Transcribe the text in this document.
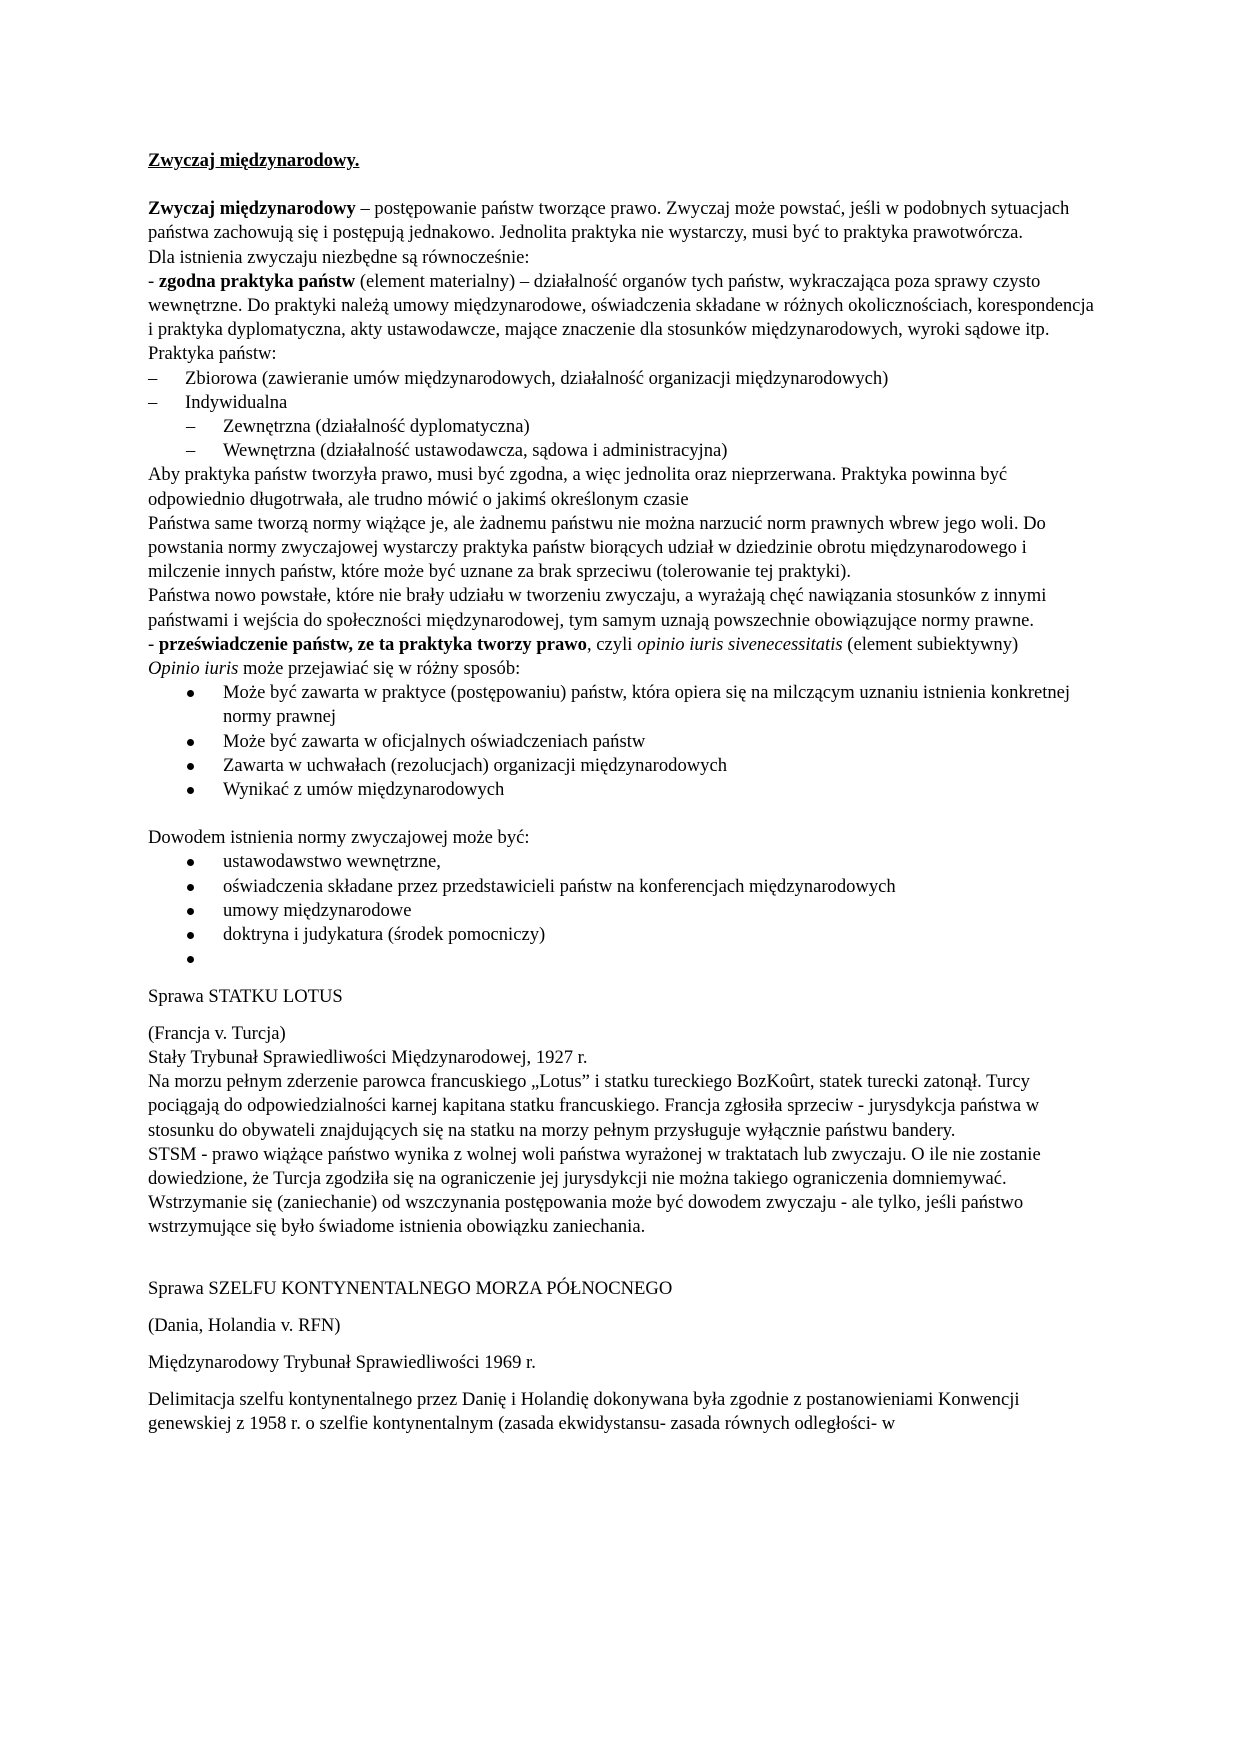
Zwyczaj międzynarodowy.

Zwyczaj międzynarodowy – postępowanie państw tworzące prawo. Zwyczaj może powstać, jeśli w podobnych sytuacjach państwa zachowują się i postępują jednakowo. Jednolita praktyka nie wystarczy, musi być to praktyka prawotwórcza.

Dla istnienia zwyczaju niezbędne są równocześnie:

- zgodna praktyka państw (element materialny) – działalność organów tych państw, wykraczająca poza sprawy czysto wewnętrzne. Do praktyki należą umowy międzynarodowe, oświadczenia składane w różnych okolicznościach, korespondencja i praktyka dyplomatyczna, akty ustawodawcze, mające znaczenie dla stosunków międzynarodowych, wyroki sądowe itp.

Praktyka państw:

– Zbiorowa (zawieranie umów międzynarodowych, działalność organizacji międzynarodowych)
– Indywidualna
– Zewnętrzna (działalność dyplomatyczna)
– Wewnętrzna (działalność ustawodawcza, sądowa i administracyjna)

Aby praktyka państw tworzyła prawo, musi być zgodna, a więc jednolita oraz nieprzerwana. Praktyka powinna być odpowiednio długotrwała, ale trudno mówić o jakimś określonym czasie

Państwa same tworzą normy wiążące je, ale żadnemu państwu nie można narzucić norm prawnych wbrew jego woli. Do powstania normy zwyczajowej wystarczy praktyka państw biorących udział w dziedzinie obrotu międzynarodowego i milczenie innych państw, które może być uznane za brak sprzeciwu (tolerowanie tej praktyki).

Państwa nowo powstałe, które nie brały udziału w tworzeniu zwyczaju, a wyrażają chęć nawiązania stosunków z innymi państwami i wejścia do społeczności międzynarodowej, tym samym uznają powszechnie obowiązujące normy prawne.

- przeświadczenie państw, ze ta praktyka tworzy prawo, czyli opinio iuris sivenecessitatis (element subiektywny)

Opinio iuris może przejawiać się w różny sposób:

Może być zawarta w praktyce (postępowaniu) państw, która opiera się na milczącym uznaniu istnienia konkretnej normy prawnej
Może być zawarta w oficjalnych oświadczeniach państw
Zawarta w uchwałach (rezolucjach) organizacji międzynarodowych
Wynikać z umów międzynarodowych

Dowodem istnienia normy zwyczajowej może być:

ustawodawstwo wewnętrzne,
oświadczenia składane przez przedstawicieli państw na konferencjach międzynarodowych
umowy międzynarodowe
doktryna i judykatura (środek pomocniczy)

Sprawa STATKU LOTUS

(Francja v. Turcja)

Stały Trybunał Sprawiedliwości Międzynarodowej, 1927 r.

Na morzu pełnym zderzenie parowca francuskiego „Lotus” i statku tureckiego BozKoûrt, statek turecki zatonął. Turcy pociągają do odpowiedzialności karnej kapitana statku francuskiego. Francja zgłosiła sprzeciw - jurysdykcja państwa w stosunku do obywateli znajdujących się na statku na morzy pełnym przysługuje wyłącznie państwu bandery.

STSM - prawo wiążące państwo wynika z wolnej woli państwa wyrażonej w traktatach lub zwyczaju. O ile nie zostanie dowiedzione, że Turcja zgodziła się na ograniczenie jej jurysdykcji nie można takiego ograniczenia domniemywać. Wstrzymanie się (zaniechanie) od wszczynania postępowania może być dowodem zwyczaju - ale tylko, jeśli państwo wstrzymujące się było świadome istnienia obowiązku zaniechania.

Sprawa SZELFU KONTYNENTALNEGO MORZA PÓŁNOCNEGO

(Dania, Holandia v. RFN)

Międzynarodowy Trybunał Sprawiedliwości 1969 r.

Delimitacja szelfu kontynentalnego przez Danię i Holandię dokonywana była zgodnie z postanowieniami Konwencji genewskiej z 1958 r. o szelfie kontynentalnym (zasada ekwidystansu- zasada równych odległości- w
